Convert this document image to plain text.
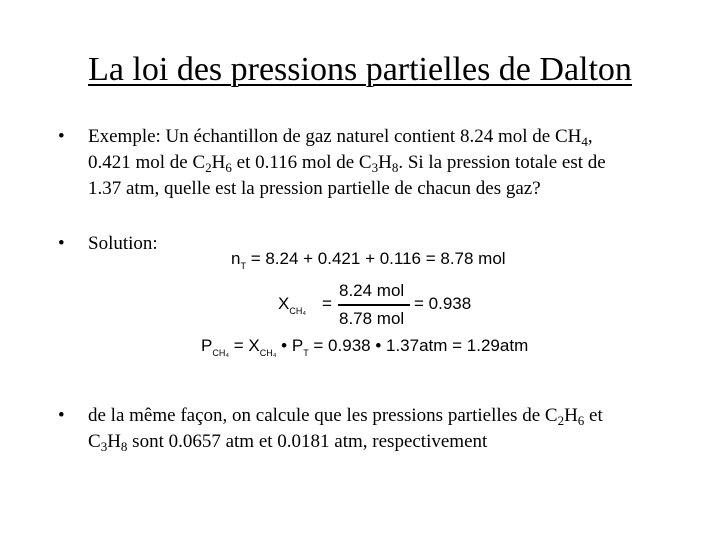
La loi des pressions partielles de Dalton
•	Exemple: Un échantillon de gaz naturel contient 8.24 mol de $CH_4$,
0.421 mol de $C_2H_6$ et 0.116 mol de $C_3H_8$. Si la pression totale est de
1.37 atm, quelle est la pression partielle de chacun des gaz?
•	Solution:
$n_T = 8.24 + 0.421 + 0.116 = 8.78$ mol
$X_{CH_4}$ =
8.24 mol
8.78 mol
= 0.938
$P_{CH_4} = X_{CH_4}$ • $P_T = 0.938$ • 1.37atm = 1.29atm
•	de la même façon, on calcule que les pressions partielles de $C_2H_6$ et
$C_3H_8$ sont 0.0657 atm et 0.0181 atm, respectivement
